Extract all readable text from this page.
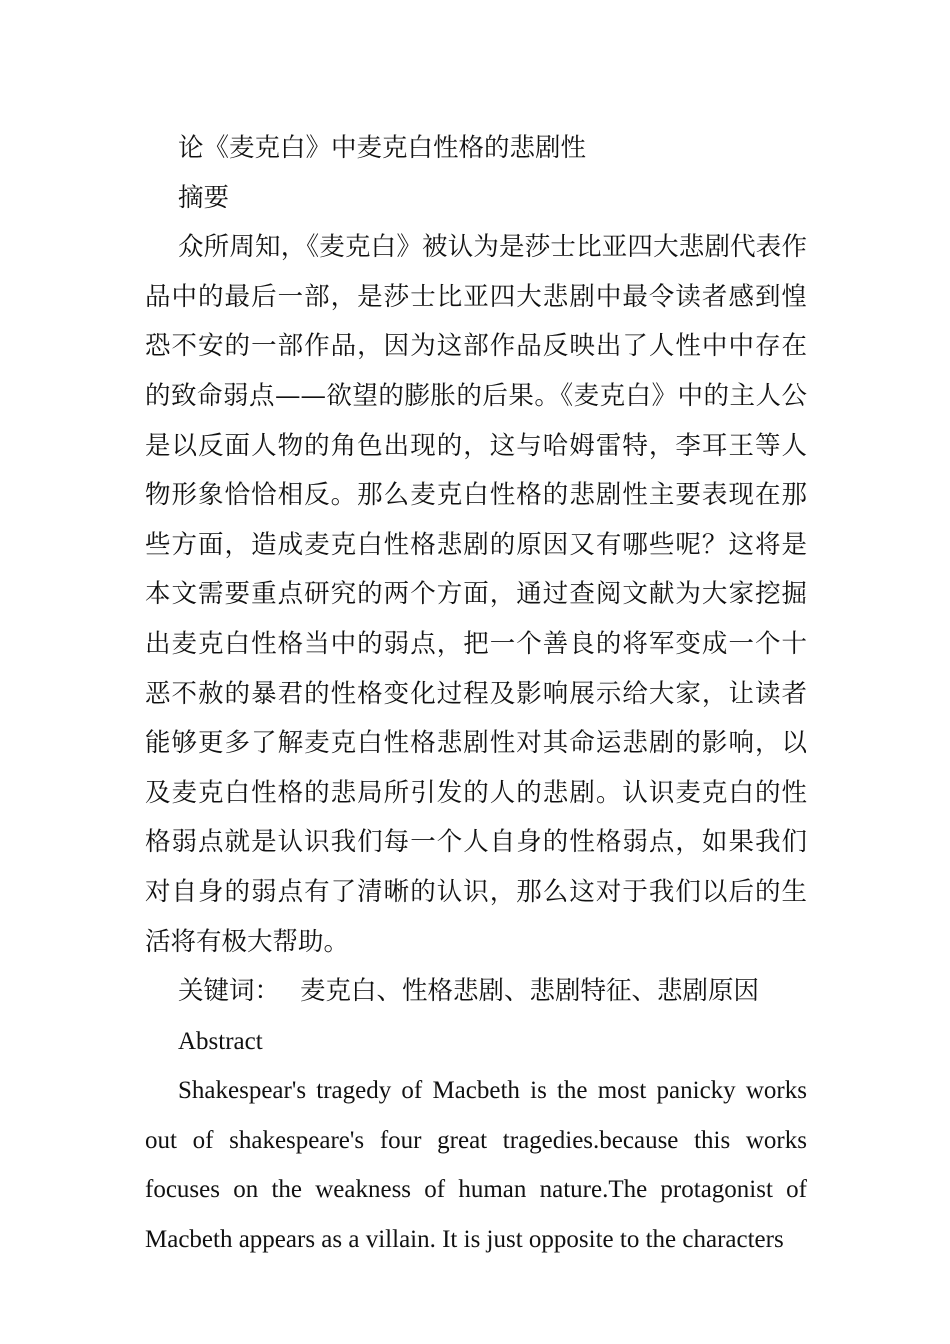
论《麦克白》中麦克白性格的悲剧性

摘要

众所周知，《麦克白》被认为是莎士比亚四大悲剧代表作品中的最后一部，是莎士比亚四大悲剧中最令读者感到惶恐不安的一部作品，因为这部作品反映出了人性中中存在的致命弱点——欲望的膨胀的后果。《麦克白》中的主人公是以反面人物的角色出现的，这与哈姆雷特，李耳王等人物形象恰恰相反。那么麦克白性格的悲剧性主要表现在那些方面，造成麦克白性格悲剧的原因又有哪些呢？这将是本文需要重点研究的两个方面，通过查阅文献为大家挖掘出麦克白性格当中的弱点，把一个善良的将军变成一个十恶不赦的暴君的性格变化过程及影响展示给大家，让读者能够更多了解麦克白性格悲剧性对其命运悲剧的影响，以及麦克白性格的悲局所引发的人的悲剧。认识麦克白的性格弱点就是认识我们每一个人自身的性格弱点，如果我们对自身的弱点有了清晰的认识，那么这对于我们以后的生活将有极大帮助。

关键词： 麦克白、性格悲剧、悲剧特征、悲剧原因

Abstract

Shakespear's tragedy of Macbeth is the most panicky works out of shakespeare's four great tragedies.because this works focuses on the weakness of human nature.The protagonist of Macbeth appears as a villain. It is just opposite to the characters
